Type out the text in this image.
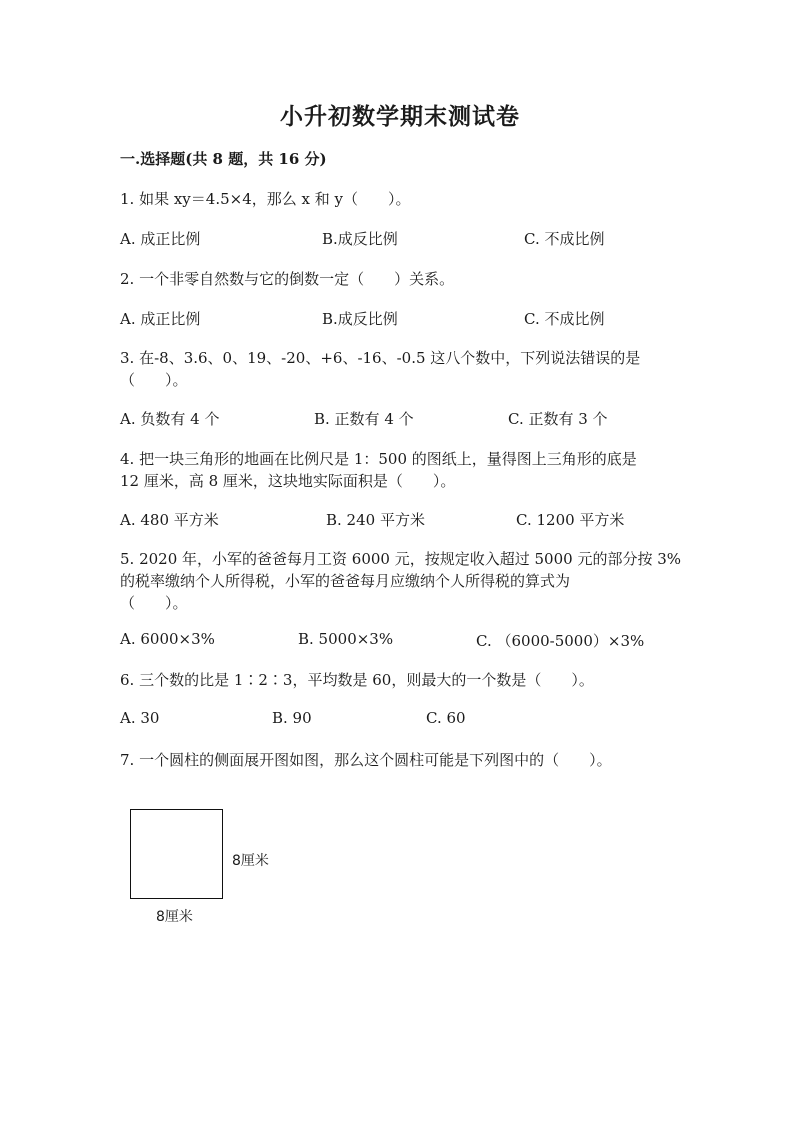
小升初数学期末测试卷
一.选择题(共 8 题，共 16 分)
1. 如果 xy＝4.5×4，那么 x 和 y（　　）。
A. 成正比例	B.成反比例	C. 不成比例
2. 一个非零自然数与它的倒数一定（　　）关系。
A. 成正比例	B.成反比例	C. 不成比例
3. 在-8、3.6、0、19、-20、+6、-16、-0.5 这八个数中，下列说法错误的是
（　　）。
A. 负数有 4 个	B. 正数有 4 个	C. 正数有 3 个
4. 把一块三角形的地画在比例尺是 1：500 的图纸上，量得图上三角形的底是
12 厘米，高 8 厘米，这块地实际面积是（　　）。
A. 480 平方米	B. 240 平方米	C. 1200 平方米
5. 2020 年，小军的爸爸每月工资 6000 元，按规定收入超过 5000 元的部分按 3%
的税率缴纳个人所得税，小军的爸爸每月应缴纳个人所得税的算式为
（　　）。
A. 6000×3%	B. 5000×3%	C. （6000-5000）×3%
6. 三个数的比是 1∶2∶3，平均数是 60，则最大的一个数是（　　）。
A. 30	B. 90	C. 60
7. 一个圆柱的侧面展开图如图，那么这个圆柱可能是下列图中的（　　）。
8厘米
8厘米
